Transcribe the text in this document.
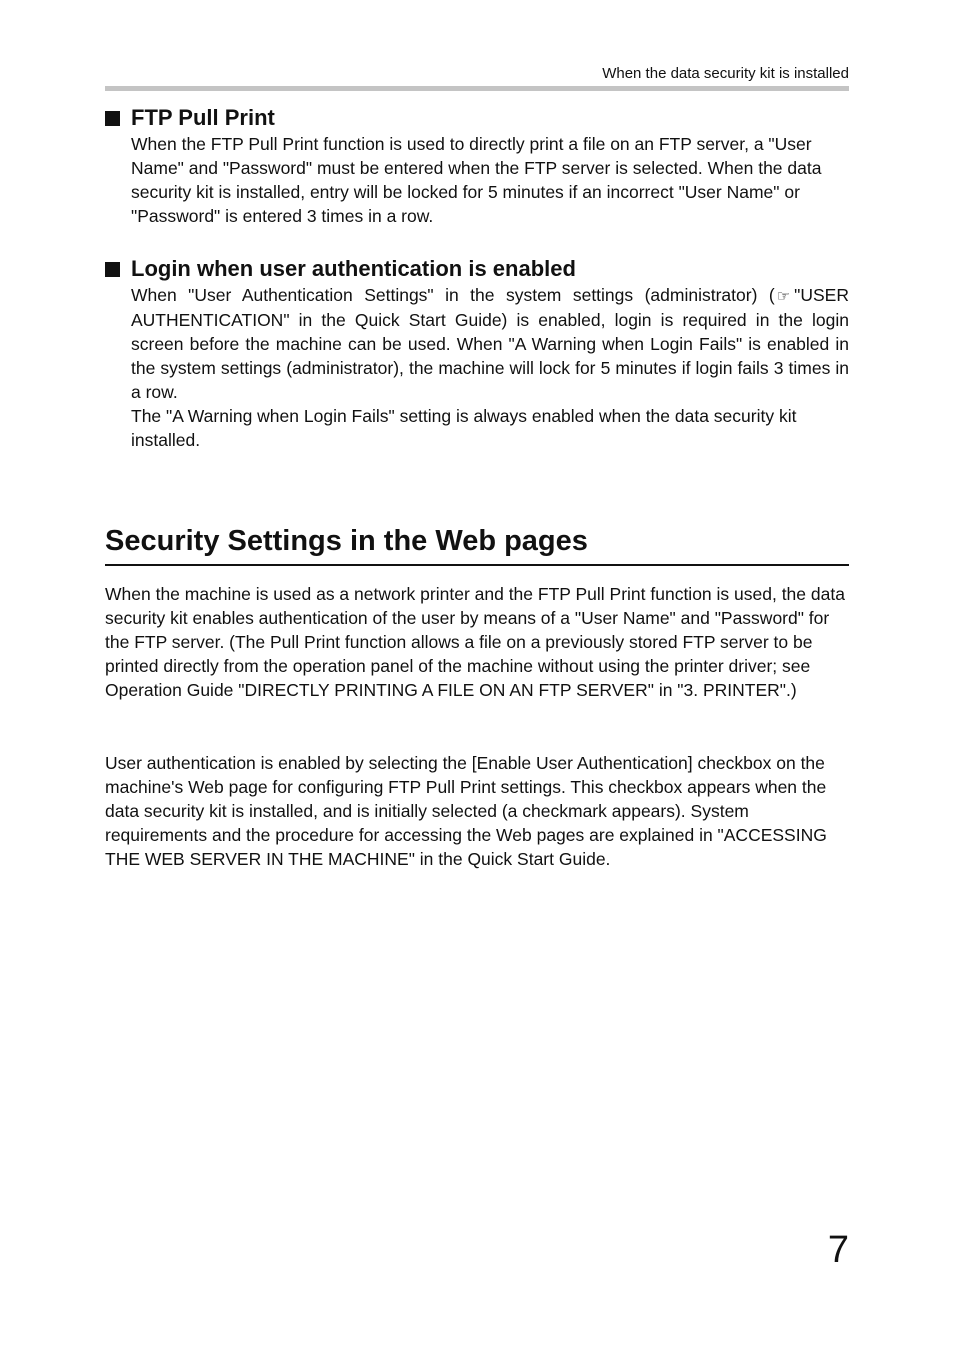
When the data security kit is installed
FTP Pull Print

When the FTP Pull Print function is used to directly print a file on an FTP server, a "User Name" and "Password" must be entered when the FTP server is selected. When the data security kit is installed, entry will be locked for 5 minutes if an incorrect "User Name" or "Password" is entered 3 times in a row.

Login when user authentication is enabled

When "User Authentication Settings" in the system settings (administrator) ( ☞ "USER AUTHENTICATION" in the Quick Start Guide) is enabled, login is required in the login screen before the machine can be used. When "A Warning when Login Fails" is enabled in the system settings (administrator), the machine will lock for 5 minutes if login fails 3 times in a row.

The "A Warning when Login Fails" setting is always enabled when the data security kit installed.

Security Settings in the Web pages

When the machine is used as a network printer and the FTP Pull Print function is used, the data security kit enables authentication of the user by means of a "User Name" and "Password" for the FTP server. (The Pull Print function allows a file on a previously stored FTP server to be printed directly from the operation panel of the machine without using the printer driver; see Operation Guide "DIRECTLY PRINTING A FILE ON AN FTP SERVER" in "3. PRINTER".)

User authentication is enabled by selecting the [Enable User Authentication] checkbox on the machine's Web page for configuring FTP Pull Print settings. This checkbox appears when the data security kit is installed, and is initially selected (a checkmark appears). System requirements and the procedure for accessing the Web pages are explained in "ACCESSING THE WEB SERVER IN THE MACHINE" in the Quick Start Guide.

7
